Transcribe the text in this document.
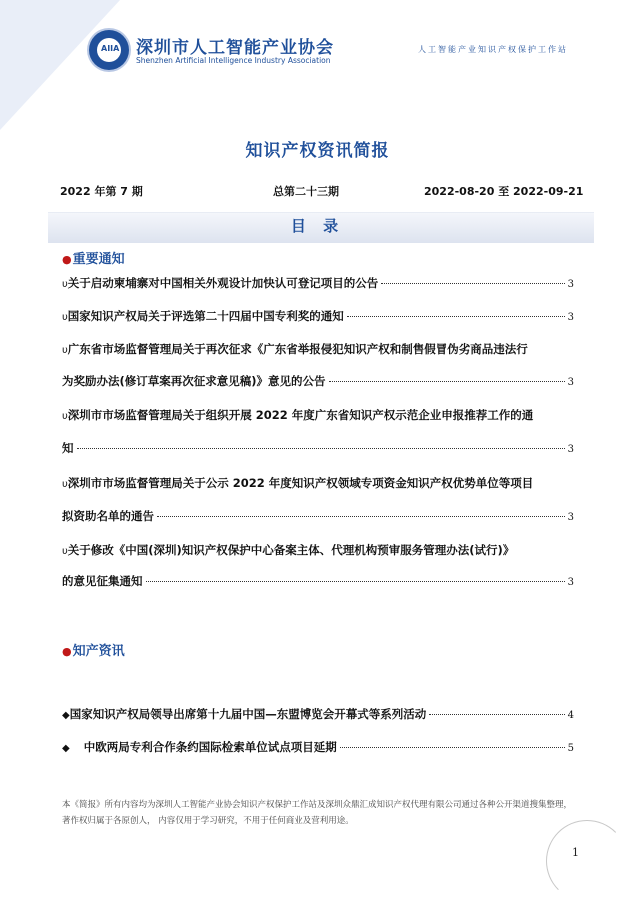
AIIA 深圳市人工智能产业协会
Shenzhen Artificial Intelligence Industry Association
人工智能产业知识产权保护工作站
知识产权资讯简报
2022 年第 7 期	总第二十三期	2022-08-20 至 2022-09-21
目 录
●重要通知
υ关于启动柬埔寨对中国相关外观设计加快认可登记项目的公告	3
υ国家知识产权局关于评选第二十四届中国专利奖的通知	3
υ广东省市场监督管理局关于再次征求《广东省举报侵犯知识产权和制售假冒伪劣商品违法行
为奖励办法(修订草案再次征求意见稿)》意见的公告	3
υ深圳市市场监督管理局关于组织开展 2022 年度广东省知识产权示范企业申报推荐工作的通
知	3
υ深圳市市场监督管理局关于公示 2022 年度知识产权领域专项资金知识产权优势单位等项目
拟资助名单的通告	3
υ关于修改《中国(深圳)知识产权保护中心备案主体、代理机构预审服务管理办法(试行)》
的意见征集通知	3
●知产资讯
◆国家知识产权局领导出席第十九届中国—东盟博览会开幕式等系列活动	4
◆ 中欧两局专利合作条约国际检索单位试点项目延期	5
本《简报》所有内容均为深圳人工智能产业协会知识产权保护工作站及深圳众鼎汇成知识产权代理有限公司通过各种公开渠道搜集整理，著作权归属于各原创人， 内容仅用于学习研究，不用于任何商业及营利用途。
1
